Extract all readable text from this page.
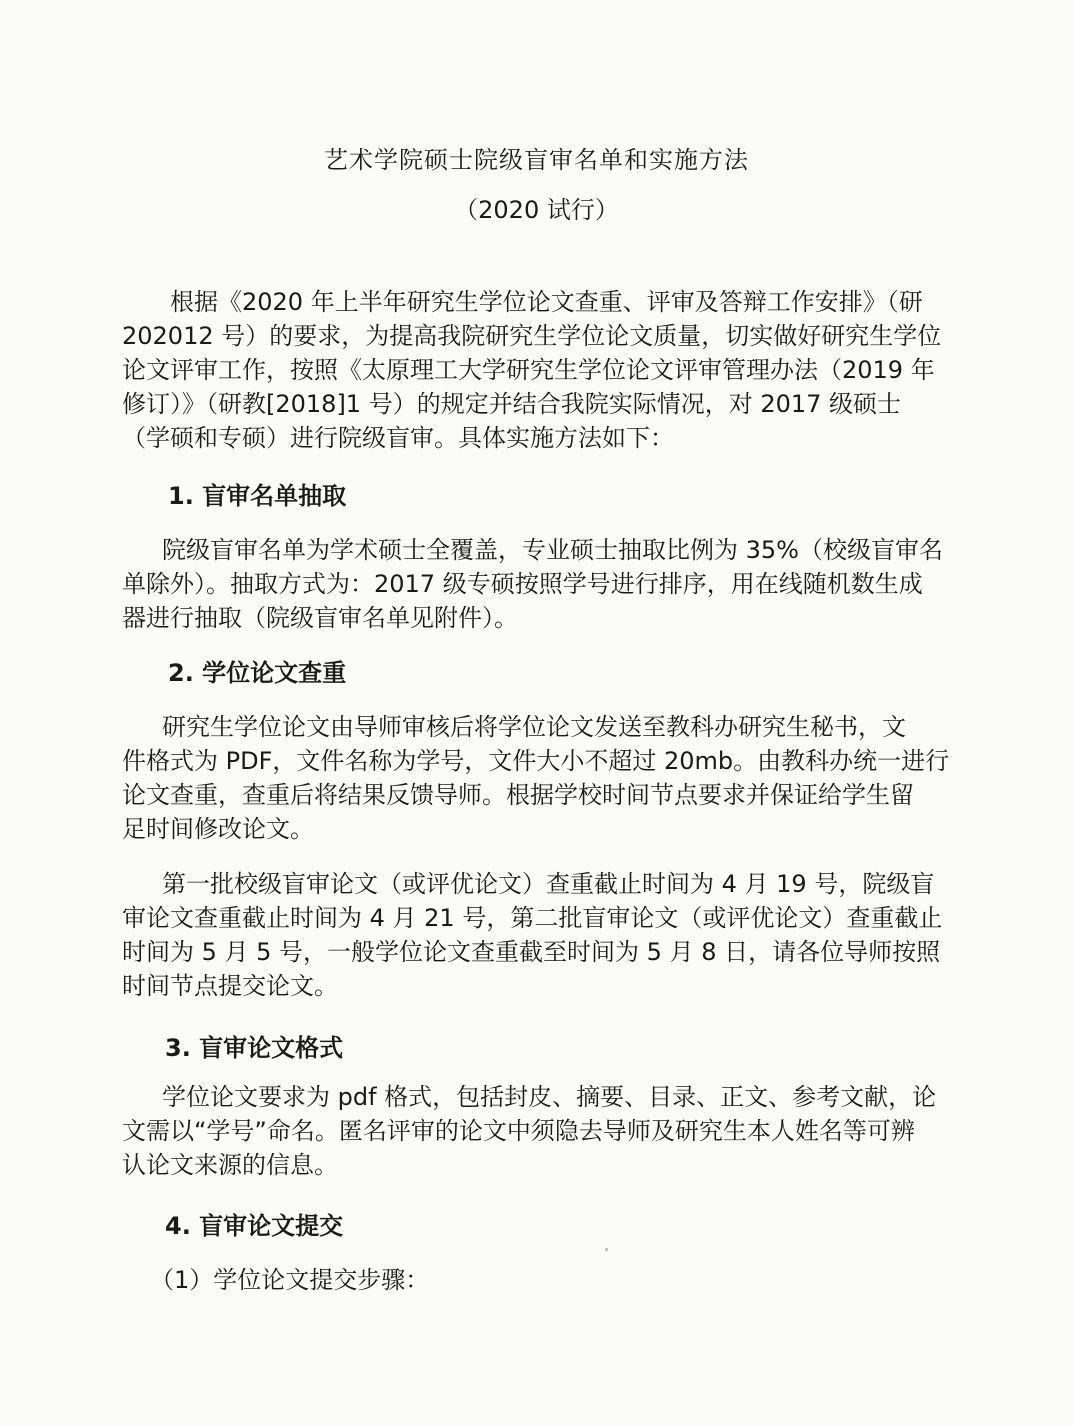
艺术学院硕士院级盲审名单和实施方法
（2020 试行）
根据《2020 年上半年研究生学位论文查重、评审及答辩工作安排》（研
202012 号）的要求，为提高我院研究生学位论文质量，切实做好研究生学位
论文评审工作，按照《太原理工大学研究生学位论文评审管理办法（2019 年
修订）》（研教[2018]1 号）的规定并结合我院实际情况，对 2017 级硕士
（学硕和专硕）进行院级盲审。具体实施方法如下：
1. 盲审名单抽取
院级盲审名单为学术硕士全覆盖，专业硕士抽取比例为 35%（校级盲审名
单除外）。抽取方式为：2017 级专硕按照学号进行排序，用在线随机数生成
器进行抽取（院级盲审名单见附件）。
2. 学位论文查重
研究生学位论文由导师审核后将学位论文发送至教科办研究生秘书，文
件格式为 PDF，文件名称为学号，文件大小不超过 20mb。由教科办统一进行
论文查重，查重后将结果反馈导师。根据学校时间节点要求并保证给学生留
足时间修改论文。
第一批校级盲审论文（或评优论文）查重截止时间为 4 月 19 号，院级盲
审论文查重截止时间为 4 月 21 号，第二批盲审论文（或评优论文）查重截止
时间为 5 月 5 号，一般学位论文查重截至时间为 5 月 8 日，请各位导师按照
时间节点提交论文。
3. 盲审论文格式
学位论文要求为 pdf 格式，包括封皮、摘要、目录、正文、参考文献，论
文需以“学号”命名。匿名评审的论文中须隐去导师及研究生本人姓名等可辨
认论文来源的信息。
4. 盲审论文提交
（1）学位论文提交步骤：
